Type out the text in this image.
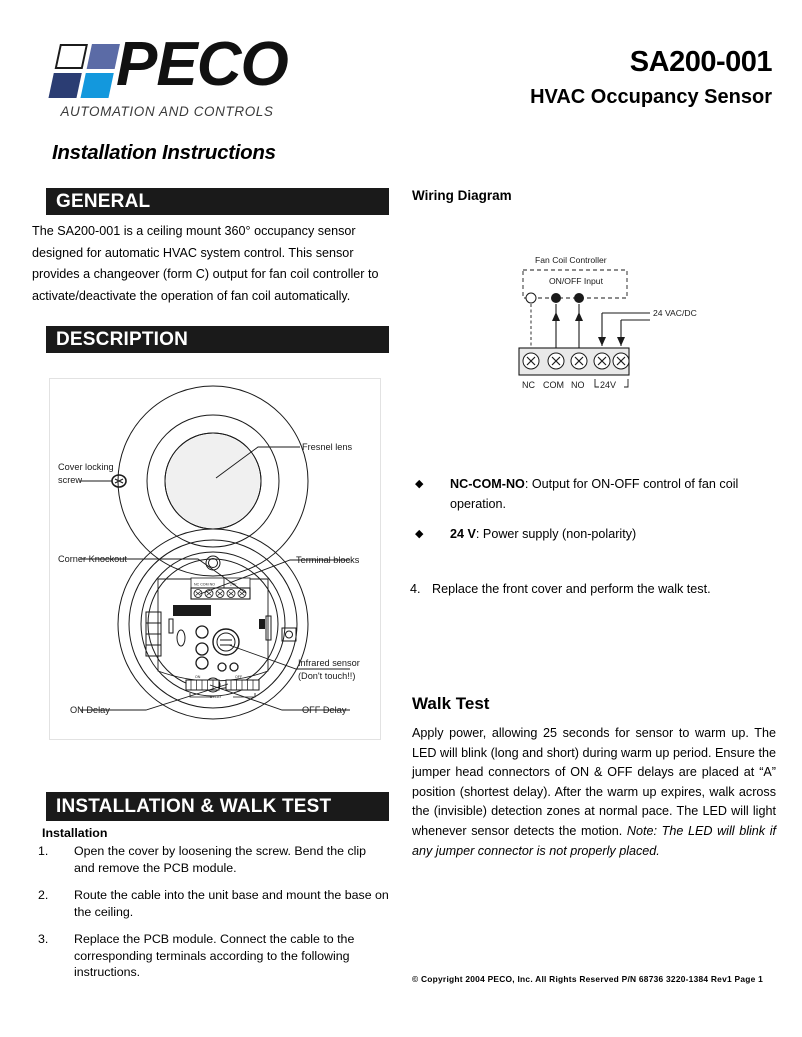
PECO
AUTOMATION AND CONTROLS
SA200-001
HVAC Occupancy Sensor
Installation Instructions
GENERAL
The SA200-001 is a ceiling mount 360° occupancy sensor designed for automatic HVAC system control. This sensor provides a changeover (form C) output for fan coil controller to activate/deactivate the operation of fan coil automatically.
DESCRIPTION
Fresnel lens
Cover locking
screw
NC COM NO	24V
ON	OFF
DELAY
Corner Knockout	Terminal blocks
Infrared sensor
(Don't touch!!)
ON Delay	OFF Delay
INSTALLATION & WALK TEST
Installation
1. Open the cover by loosening the screw. Bend the clip and remove the PCB module.
2. Route the cable into the unit base and mount the base on the ceiling.
3. Replace the PCB module. Connect the cable to the corresponding terminals according to the following instructions.
Wiring Diagram
Fan Coil Controller
ON/OFF Input
24 VAC/DC
NC COM NO 24V
◆ NC-COM-NO: Output for ON-OFF control of fan coil operation.
◆ 24 V: Power supply (non-polarity)
4. Replace the front cover and perform the walk test.
Walk Test
Apply power, allowing 25 seconds for sensor to warm up. The LED will blink (long and short) during warm up period. Ensure the jumper head connectors of ON & OFF delays are placed at “A” position (shortest delay). After the warm up expires, walk across the (invisible) detection zones at normal pace. The LED will light whenever sensor detects the motion. Note: The LED will blink if any jumper connector is not properly placed.
© Copyright 2004 PECO, Inc. All Rights Reserved P/N 68736 3220-1384 Rev1 Page 1
